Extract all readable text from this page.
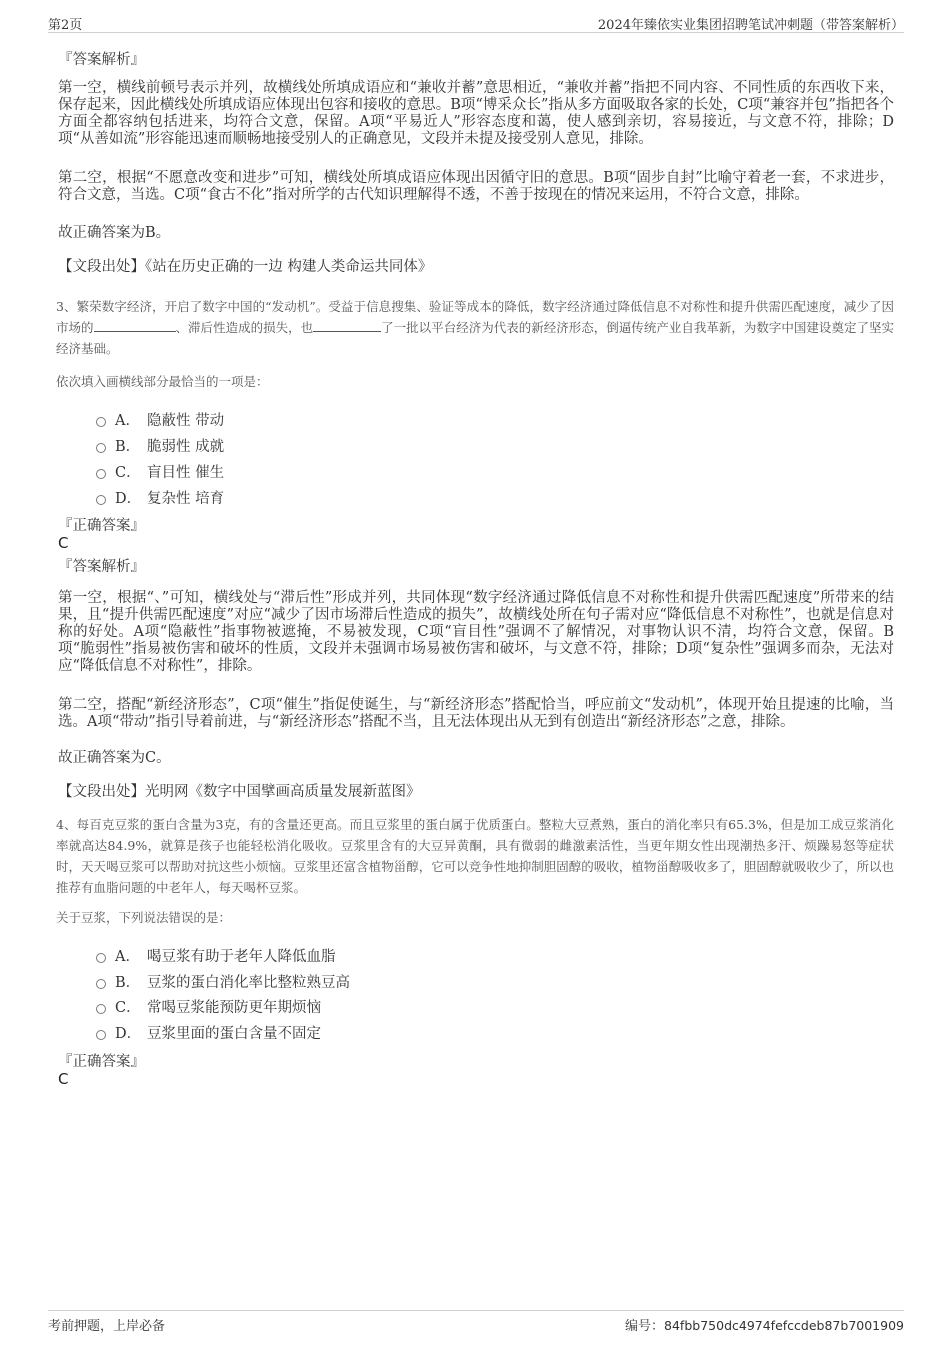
第2页	2024年臻依实业集团招聘笔试冲刺题（带答案解析）
『答案解析』
第一空，横线前顿号表示并列，故横线处所填成语应和“兼收并蓄”意思相近，“兼收并蓄”指把不同内容、不同性质的东西收下来，保存起来，因此横线处所填成语应体现出包容和接收的意思。B项“博采众长”指从多方面吸取各家的长处，C项“兼容并包”指把各个方面全都容纳包括进来，均符合文意，保留。A项“平易近人”形容态度和蔼，使人感到亲切，容易接近，与文意不符，排除；D项“从善如流”形容能迅速而顺畅地接受别人的正确意见，文段并未提及接受别人意见，排除。
第二空，根据“不愿意改变和进步”可知，横线处所填成语应体现出因循守旧的意思。B项“固步自封”比喻守着老一套，不求进步，符合文意，当选。C项“食古不化”指对所学的古代知识理解得不透，不善于按现在的情况来运用，不符合文意，排除。
故正确答案为B。
【文段出处】《站在历史正确的一边 构建人类命运共同体》
3、繁荣数字经济，开启了数字中国的“发动机”。受益于信息搜集、验证等成本的降低，数字经济通过降低信息不对称性和提升供需匹配速度，减少了因市场的	、滞后性造成的损失，也	了一批以平台经济为代表的新经济形态，倒逼传统产业自我革新，为数字中国建设奠定了坚实经济基础。
依次填入画横线部分最恰当的一项是：
A． 隐蔽性 带动
B． 脆弱性 成就
C． 盲目性 催生
D． 复杂性 培育
『正确答案』
C
『答案解析』
第一空，根据“、”可知，横线处与“滞后性”形成并列，共同体现“数字经济通过降低信息不对称性和提升供需匹配速度”所带来的结果，且“提升供需匹配速度”对应“减少了因市场滞后性造成的损失”，故横线处所在句子需对应“降低信息不对称性”，也就是信息对称的好处。A项“隐蔽性”指事物被遮掩，不易被发现，C项“盲目性”强调不了解情况，对事物认识不清，均符合文意，保留。B项“脆弱性”指易被伤害和破坏的性质，文段并未强调市场易被伤害和破坏，与文意不符，排除；D项“复杂性”强调多而杂，无法对应“降低信息不对称性”，排除。
第二空，搭配“新经济形态”，C项“催生”指促使诞生，与“新经济形态”搭配恰当，呼应前文“发动机”，体现开始且提速的比喻，当选。A项“带动”指引导着前进，与“新经济形态”搭配不当，且无法体现出从无到有创造出“新经济形态”之意，排除。
故正确答案为C。
【文段出处】光明网《数字中国擘画高质量发展新蓝图》
4、每百克豆浆的蛋白含量为3克，有的含量还更高。而且豆浆里的蛋白属于优质蛋白。整粒大豆煮熟，蛋白的消化率只有65.3%，但是加工成豆浆消化率就高达84.9%，就算是孩子也能轻松消化吸收。豆浆里含有的大豆异黄酮，具有微弱的雌激素活性，当更年期女性出现潮热多汗、烦躁易怒等症状时，天天喝豆浆可以帮助对抗这些小烦恼。豆浆里还富含植物甾醇，它可以竞争性地抑制胆固醇的吸收，植物甾醇吸收多了，胆固醇就吸收少了，所以也推荐有血脂问题的中老年人，每天喝杯豆浆。
关于豆浆，下列说法错误的是：
A． 喝豆浆有助于老年人降低血脂
B． 豆浆的蛋白消化率比整粒熟豆高
C． 常喝豆浆能预防更年期烦恼
D． 豆浆里面的蛋白含量不固定
『正确答案』
C
考前押题，上岸必备	编号：84fbb750dc4974fefccdeb87b7001909
